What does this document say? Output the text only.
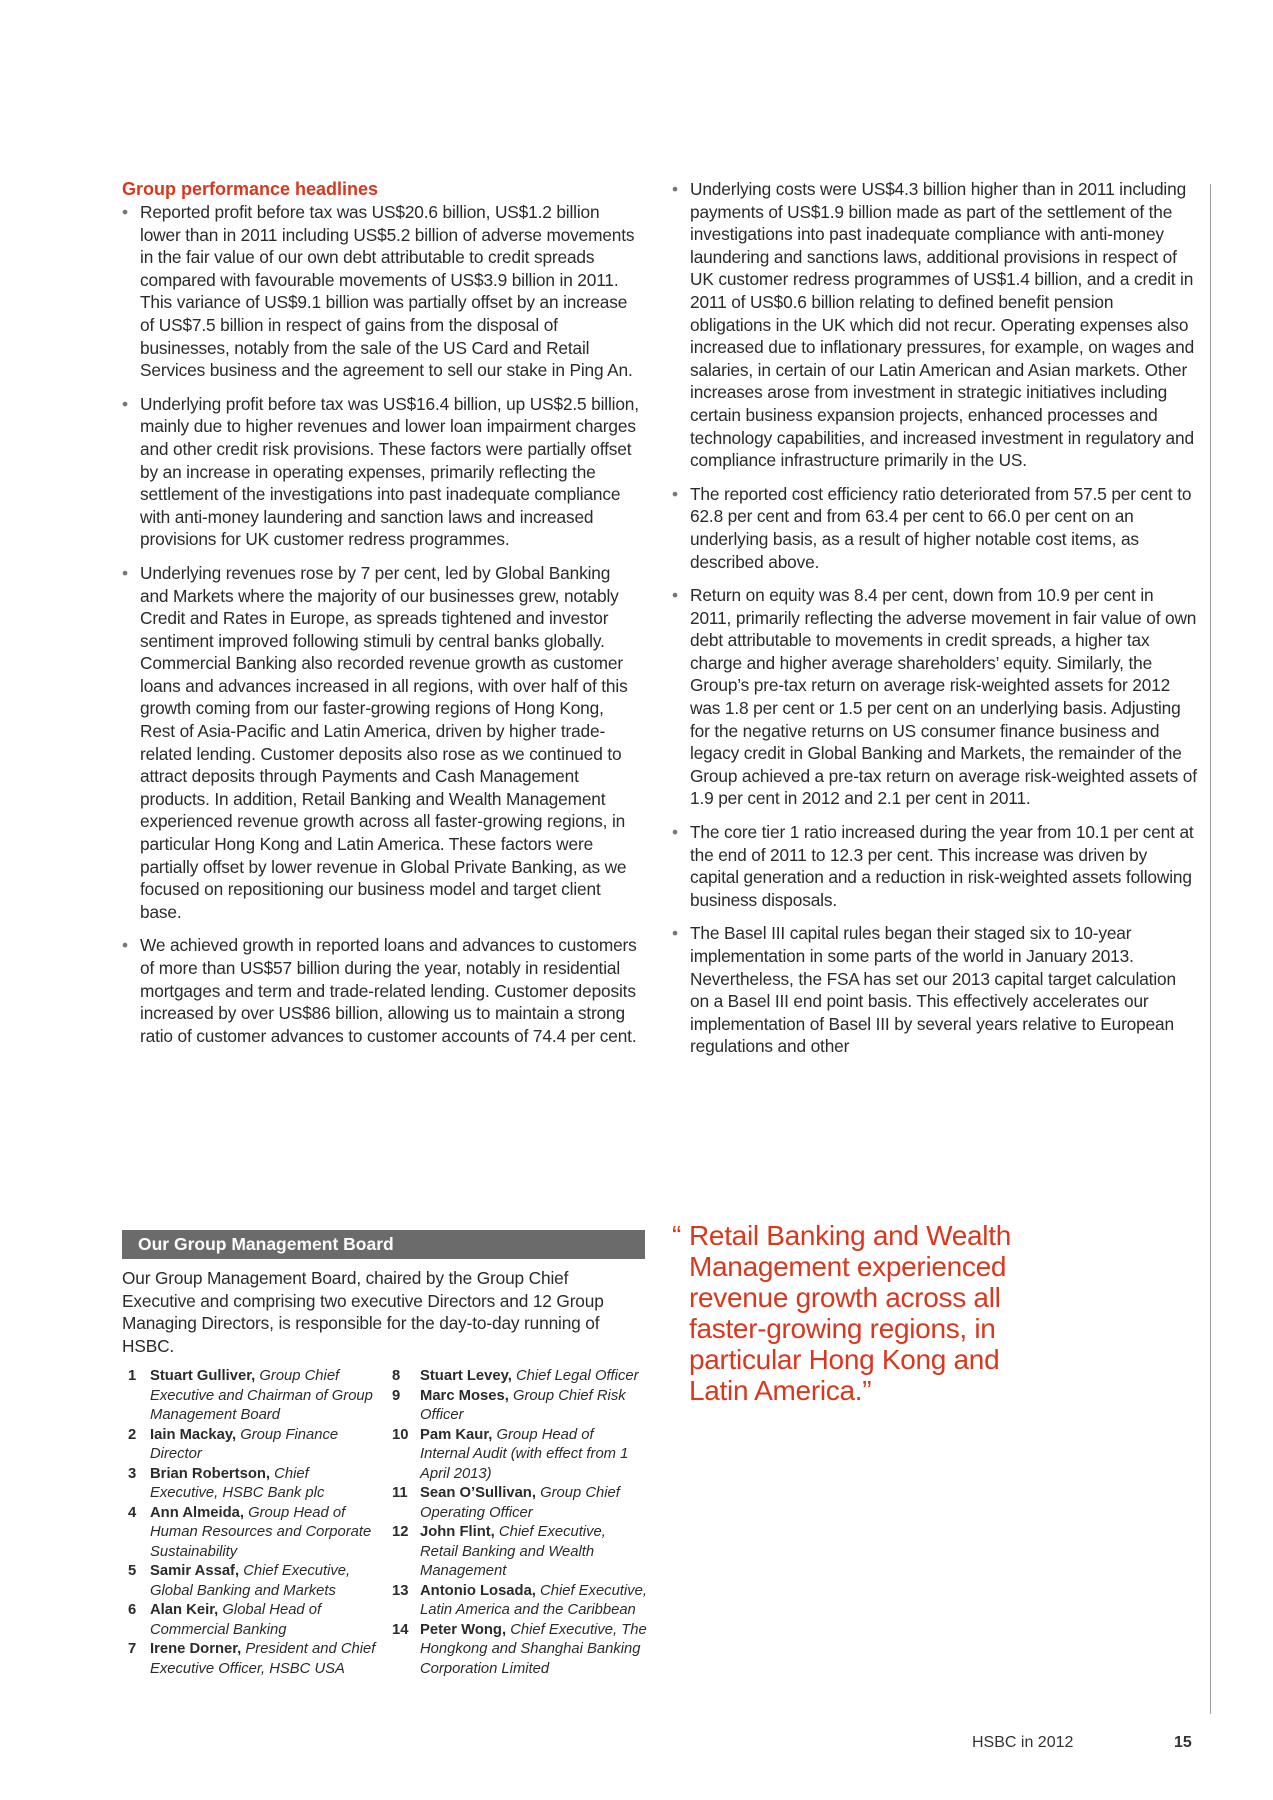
Group performance headlines
• Reported profit before tax was US$20.6 billion, US$1.2 billion lower than in 2011 including US$5.2 billion of adverse movements in the fair value of our own debt attributable to credit spreads compared with favourable movements of US$3.9 billion in 2011. This variance of US$9.1 billion was partially offset by an increase of US$7.5 billion in respect of gains from the disposal of businesses, notably from the sale of the US Card and Retail Services business and the agreement to sell our stake in Ping An.
• Underlying profit before tax was US$16.4 billion, up US$2.5 billion, mainly due to higher revenues and lower loan impairment charges and other credit risk provisions. These factors were partially offset by an increase in operating expenses, primarily reflecting the settlement of the investigations into past inadequate compliance with anti-money laundering and sanction laws and increased provisions for UK customer redress programmes.
• Underlying revenues rose by 7 per cent, led by Global Banking and Markets where the majority of our businesses grew, notably Credit and Rates in Europe, as spreads tightened and investor sentiment improved following stimuli by central banks globally. Commercial Banking also recorded revenue growth as customer loans and advances increased in all regions, with over half of this growth coming from our faster-growing regions of Hong Kong, Rest of Asia-Pacific and Latin America, driven by higher trade-related lending. Customer deposits also rose as we continued to attract deposits through Payments and Cash Management products. In addition, Retail Banking and Wealth Management experienced revenue growth across all faster-growing regions, in particular Hong Kong and Latin America. These factors were partially offset by lower revenue in Global Private Banking, as we focused on repositioning our business model and target client base.
• We achieved growth in reported loans and advances to customers of more than US$57 billion during the year, notably in residential mortgages and term and trade-related lending. Customer deposits increased by over US$86 billion, allowing us to maintain a strong ratio of customer advances to customer accounts of 74.4 per cent.
• Underlying costs were US$4.3 billion higher than in 2011 including payments of US$1.9 billion made as part of the settlement of the investigations into past inadequate compliance with anti-money laundering and sanctions laws, additional provisions in respect of UK customer redress programmes of US$1.4 billion, and a credit in 2011 of US$0.6 billion relating to defined benefit pension obligations in the UK which did not recur. Operating expenses also increased due to inflationary pressures, for example, on wages and salaries, in certain of our Latin American and Asian markets. Other increases arose from investment in strategic initiatives including certain business expansion projects, enhanced processes and technology capabilities, and increased investment in regulatory and compliance infrastructure primarily in the US.
• The reported cost efficiency ratio deteriorated from 57.5 per cent to 62.8 per cent and from 63.4 per cent to 66.0 per cent on an underlying basis, as a result of higher notable cost items, as described above.
• Return on equity was 8.4 per cent, down from 10.9 per cent in 2011, primarily reflecting the adverse movement in fair value of own debt attributable to movements in credit spreads, a higher tax charge and higher average shareholders’ equity. Similarly, the Group’s pre-tax return on average risk-weighted assets for 2012 was 1.8 per cent or 1.5 per cent on an underlying basis. Adjusting for the negative returns on US consumer finance business and legacy credit in Global Banking and Markets, the remainder of the Group achieved a pre-tax return on average risk-weighted assets of 1.9 per cent in 2012 and 2.1 per cent in 2011.
• The core tier 1 ratio increased during the year from 10.1 per cent at the end of 2011 to 12.3 per cent. This increase was driven by capital generation and a reduction in risk-weighted assets following business disposals.
• The Basel III capital rules began their staged six to 10-year implementation in some parts of the world in January 2013. Nevertheless, the FSA has set our 2013 capital target calculation on a Basel III end point basis. This effectively accelerates our implementation of Basel III by several years relative to European regulations and other
Our Group Management Board

Our Group Management Board, chaired by the Group Chief Executive and comprising two executive Directors and 12 Group Managing Directors, is responsible for the day-to-day running of HSBC.

1 Stuart Gulliver, Group Chief Executive and Chairman of Group Management Board
2 Iain Mackay, Group Finance Director
3 Brian Robertson, Chief Executive, HSBC Bank plc
4 Ann Almeida, Group Head of Human Resources and Corporate Sustainability
5 Samir Assaf, Chief Executive, Global Banking and Markets
6 Alan Keir, Global Head of Commercial Banking
7 Irene Dorner, President and Chief Executive Officer, HSBC USA
8 Stuart Levey, Chief Legal Officer
9 Marc Moses, Group Chief Risk Officer
10 Pam Kaur, Group Head of Internal Audit (with effect from 1 April 2013)
11 Sean O’Sullivan, Group Chief Operating Officer
12 John Flint, Chief Executive, Retail Banking and Wealth Management
13 Antonio Losada, Chief Executive, Latin America and the Caribbean
14 Peter Wong, Chief Executive, The Hongkong and Shanghai Banking Corporation Limited
“ Retail Banking and Wealth Management experienced revenue growth across all faster-growing regions, in particular Hong Kong and Latin America.”
HSBC in 2012	15
